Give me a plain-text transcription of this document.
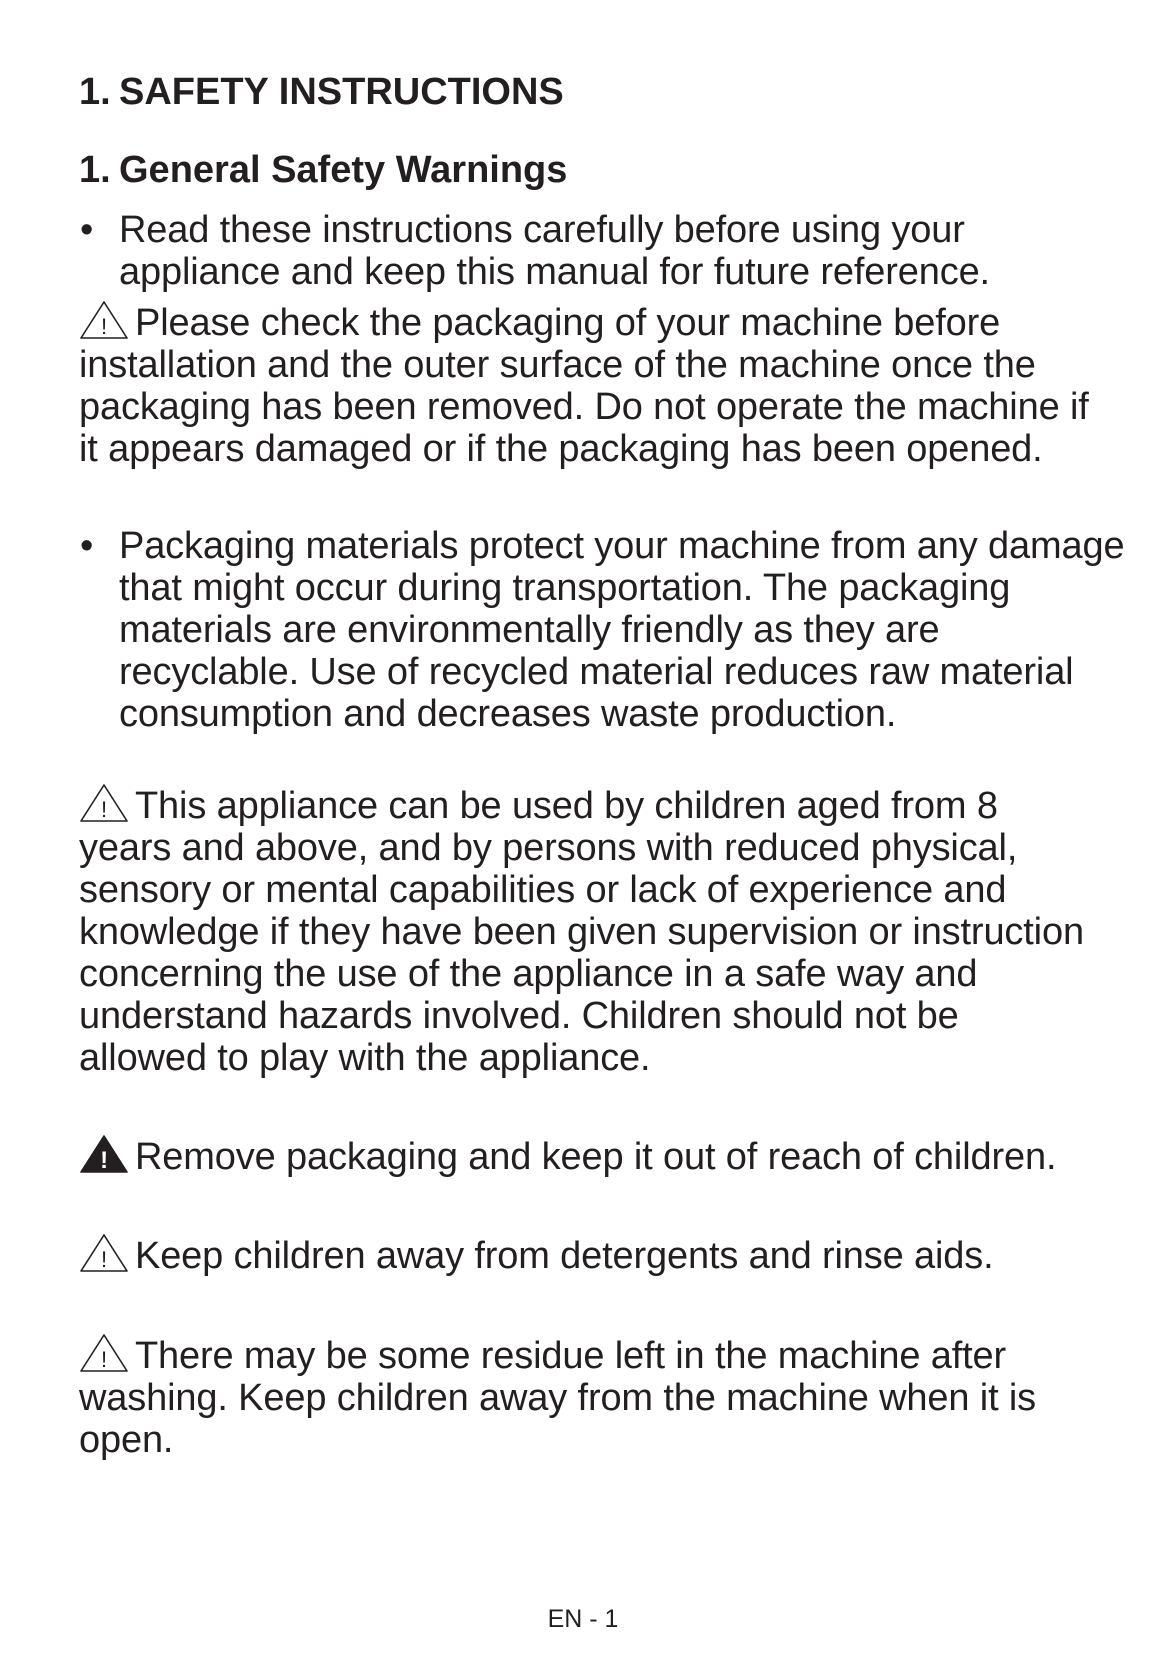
1. SAFETY INSTRUCTIONS
1. General Safety Warnings

• Read these instructions carefully before using your appliance and keep this manual for future reference.

! Please check the packaging of your machine before installation and the outer surface of the machine once the packaging has been removed. Do not operate the machine if it appears damaged or if the packaging has been opened.

• Packaging materials protect your machine from any damage that might occur during transportation. The packaging materials are environmentally friendly as they are recyclable. Use of recycled material reduces raw material consumption and decreases waste production.

! This appliance can be used by children aged from 8 years and above, and by persons with reduced physical, sensory or mental capabilities or lack of experience and knowledge if they have been given supervision or instruction concerning the use of the appliance in a safe way and understand hazards involved. Children should not be allowed to play with the appliance.

! Remove packaging and keep it out of reach of children.

! Keep children away from detergents and rinse aids.

! There may be some residue left in the machine after washing. Keep children away from the machine when it is open.

EN - 1
